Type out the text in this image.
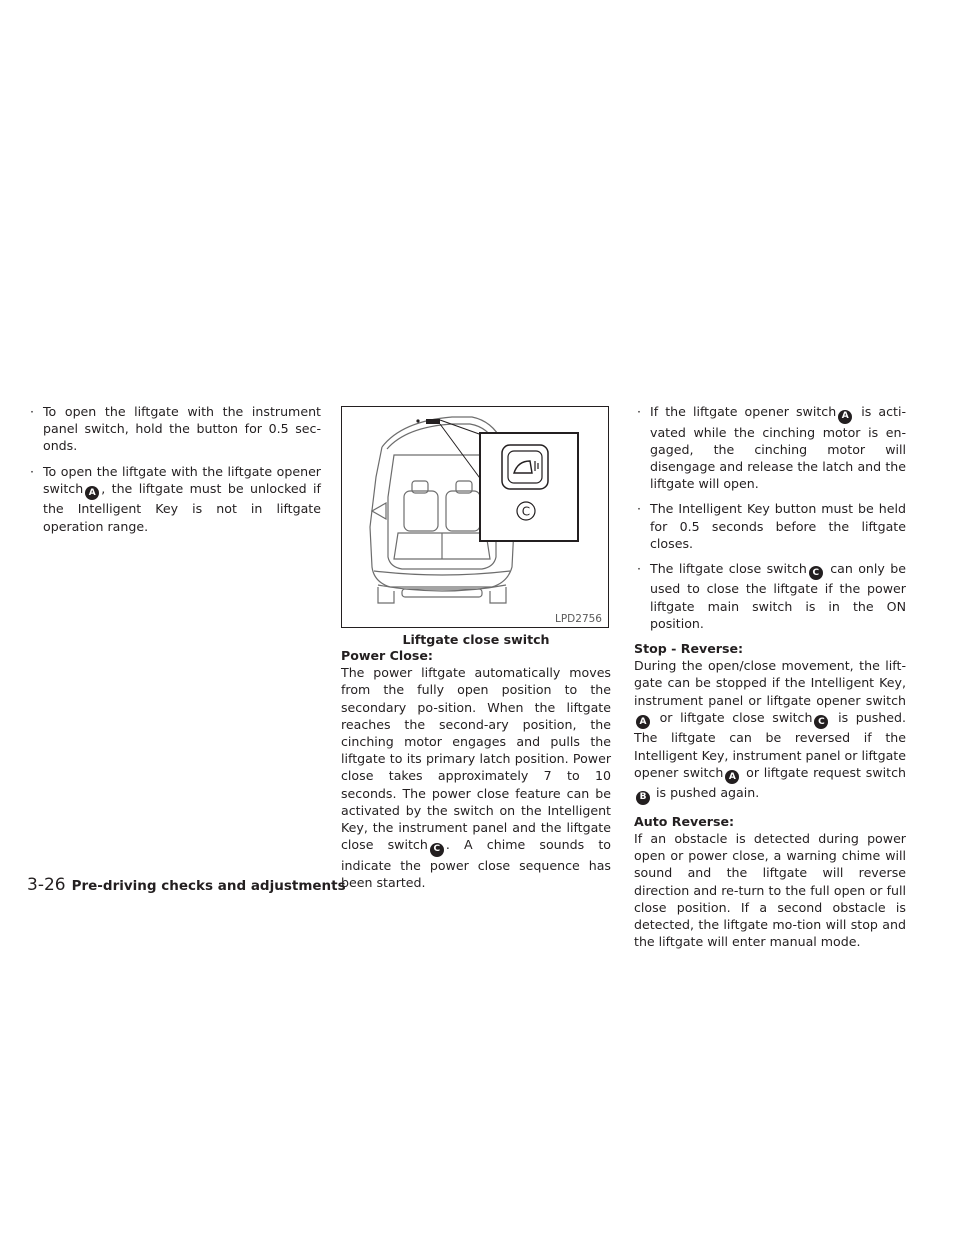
· To open the liftgate with the instrument panel switch, hold the button for 0.5 sec-onds.
· To open the liftgate with the liftgate opener switch A , the liftgate must be unlocked if the Intelligent Key is not in liftgate operation range.
C
LPD2756
Liftgate close switch

Power Close:

The power liftgate automatically moves from the fully open position to the secondary po-sition. When the liftgate reaches the second-ary position, the cinching motor engages and pulls the liftgate to its primary latch position. Power close takes approximately 7 to 10 seconds. The power close feature can be activated by the switch on the Intelligent Key, the instrument panel and the liftgate close switch C . A chime sounds to indicate the power close sequence has been started.

· If the liftgate opener switch A is acti-vated while the cinching motor is en-gaged, the cinching motor will disengage and release the latch and the liftgate will open.
· The Intelligent Key button must be held for 0.5 seconds before the liftgate closes.
· The liftgate close switch C can only be used to close the liftgate if the power liftgate main switch is in the ON position.

Stop - Reverse:

During the open/close movement, the lift-gate can be stopped if the Intelligent Key, instrument panel or liftgate opener switchA or liftgate close switch C is pushed. The liftgate can be reversed if the Intelligent Key, instrument panel or liftgate opener switch A or liftgate request switchB is pushed again.

Auto Reverse:

If an obstacle is detected during power open or power close, a warning chime will sound and the liftgate will reverse direction and re-turn to the full open or full close position. If a second obstacle is detected, the liftgate mo-tion will stop and the liftgate will enter manual mode.

3-26 Pre-driving checks and adjustments
